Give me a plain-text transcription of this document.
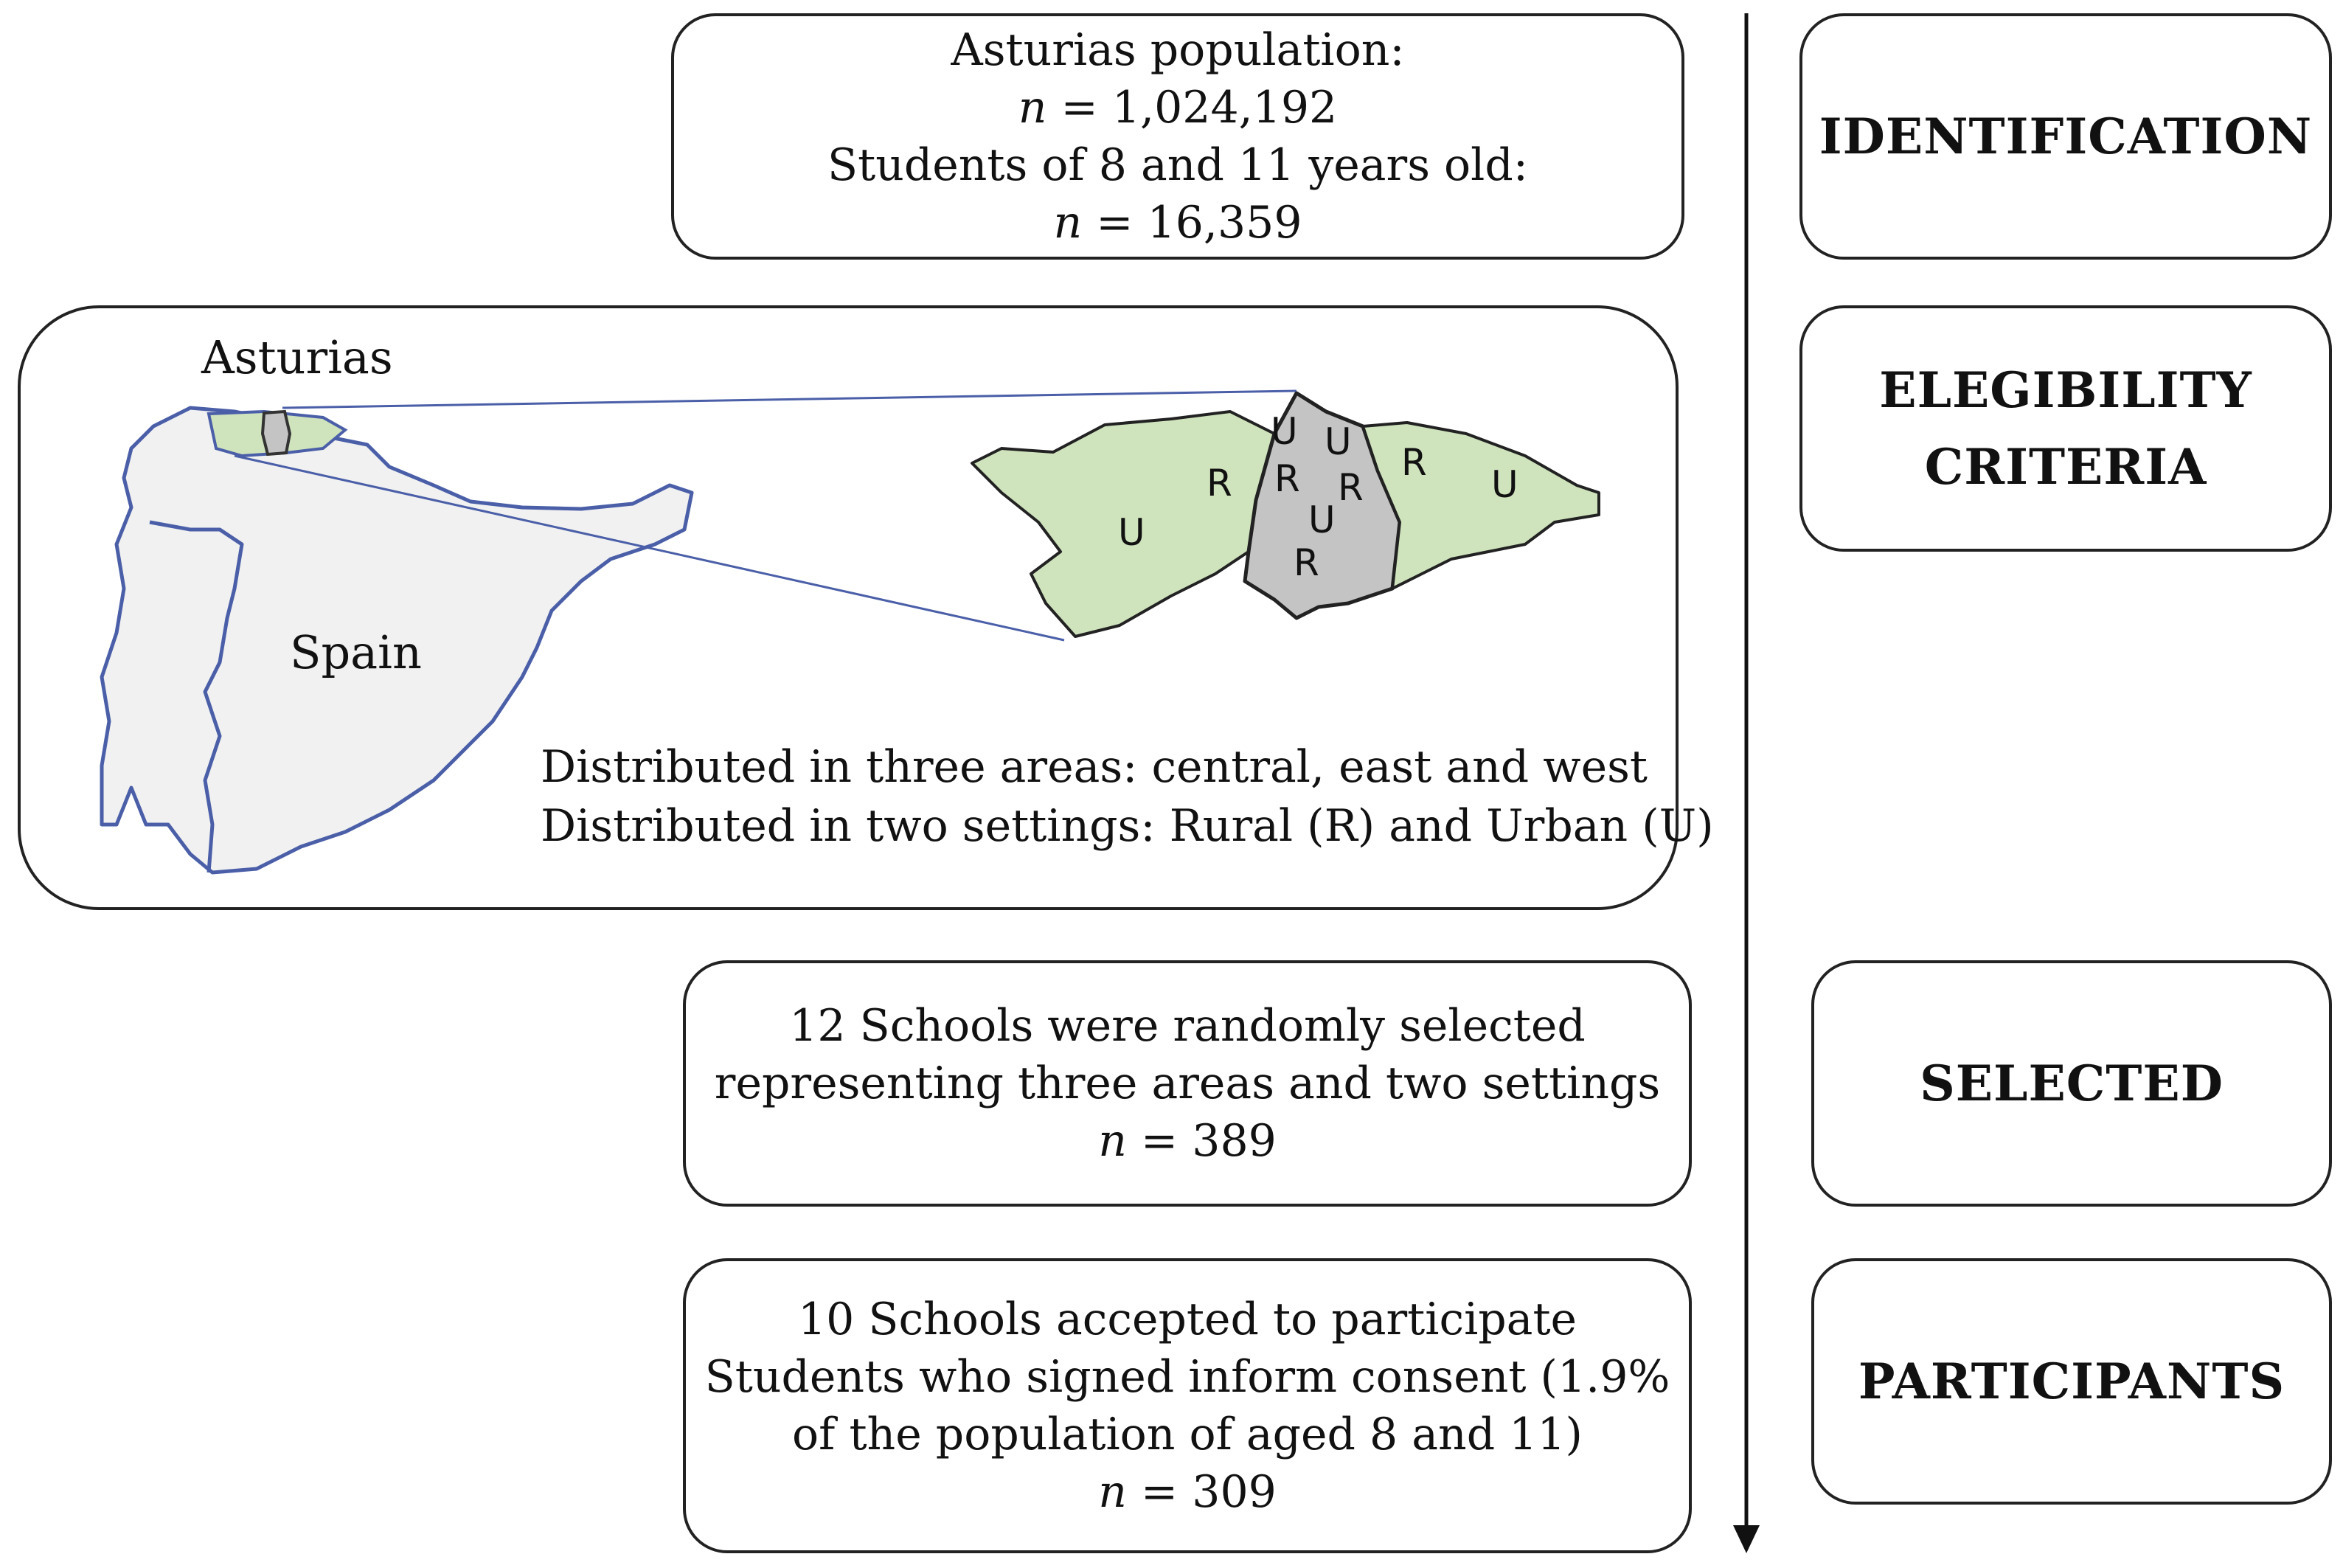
Asturias population:
n = 1,024,192
Students of 8 and 11 years old:
n = 16,359
Asturias
Spain
U
R
U U
R R
U
R
R
U
Distributed in three areas: central, east and west
Distributed in two settings: Rural (R) and Urban (U)
12 Schools were randomly selected
representing three areas and two settings
n = 389
10 Schools accepted to participate
Students who signed inform consent (1.9%
of the population of aged 8 and 11)
n = 309
IDENTIFICATION
ELEGIBILITY
CRITERIA
SELECTED
PARTICIPANTS
